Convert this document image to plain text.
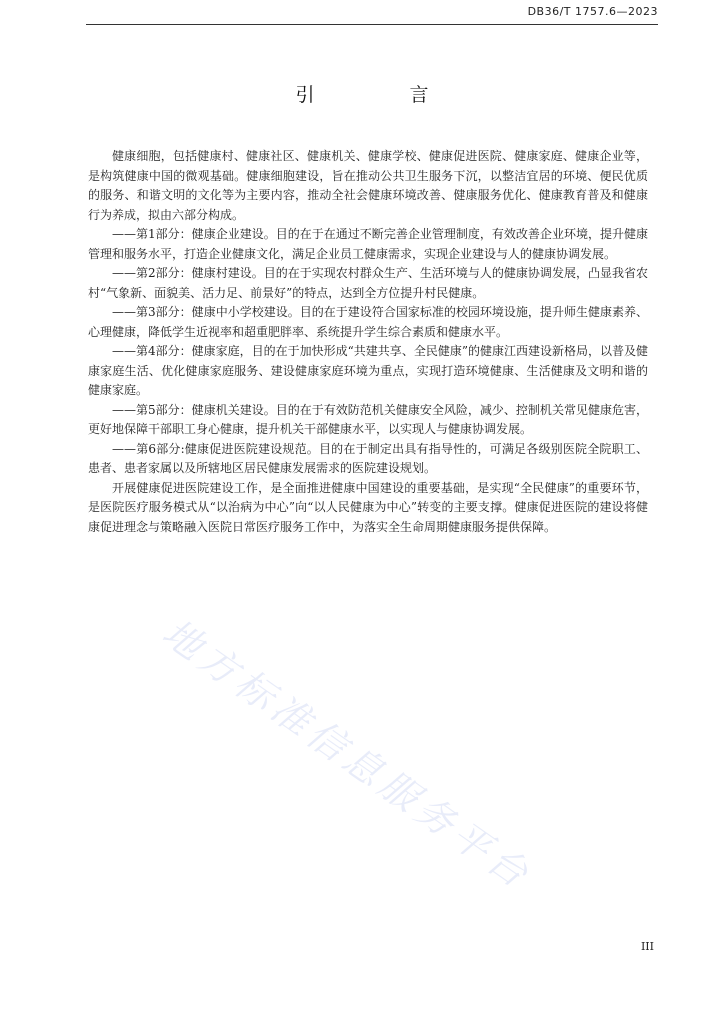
DB36/T 1757.6—2023
引　言

健康细胞，包括健康村、健康社区、健康机关、健康学校、健康促进医院、健康家庭、健康企业等，是构筑健康中国的微观基础。健康细胞建设，旨在推动公共卫生服务下沉，以整洁宜居的环境、便民优质的服务、和谐文明的文化等为主要内容，推动全社会健康环境改善、健康服务优化、健康教育普及和健康行为养成，拟由六部分构成。

——第1部分：健康企业建设。目的在于在通过不断完善企业管理制度，有效改善企业环境，提升健康管理和服务水平，打造企业健康文化，满足企业员工健康需求，实现企业建设与人的健康协调发展。

——第2部分：健康村建设。目的在于实现农村群众生产、生活环境与人的健康协调发展，凸显我省农村“气象新、面貌美、活力足、前景好”的特点，达到全方位提升村民健康。

——第3部分：健康中小学校建设。目的在于建设符合国家标准的校园环境设施，提升师生健康素养、心理健康，降低学生近视率和超重肥胖率、系统提升学生综合素质和健康水平。

——第4部分：健康家庭，目的在于加快形成“共建共享、全民健康”的健康江西建设新格局，以普及健康家庭生活、优化健康家庭服务、建设健康家庭环境为重点，实现打造环境健康、生活健康及文明和谐的健康家庭。

——第5部分：健康机关建设。目的在于有效防范机关健康安全风险，减少、控制机关常见健康危害，更好地保障干部职工身心健康，提升机关干部健康水平，以实现人与健康协调发展。

——第6部分:健康促进医院建设规范。目的在于制定出具有指导性的，可满足各级别医院全院职工、患者、患者家属以及所辖地区居民健康发展需求的医院建设规划。

开展健康促进医院建设工作，是全面推进健康中国建设的重要基础，是实现“全民健康”的重要环节，是医院医疗服务模式从“以治病为中心”向“以人民健康为中心”转变的主要支撑。健康促进医院的建设将健康促进理念与策略融入医院日常医疗服务工作中，为落实全生命周期健康服务提供保障。

地方标准信息服务平台
III
